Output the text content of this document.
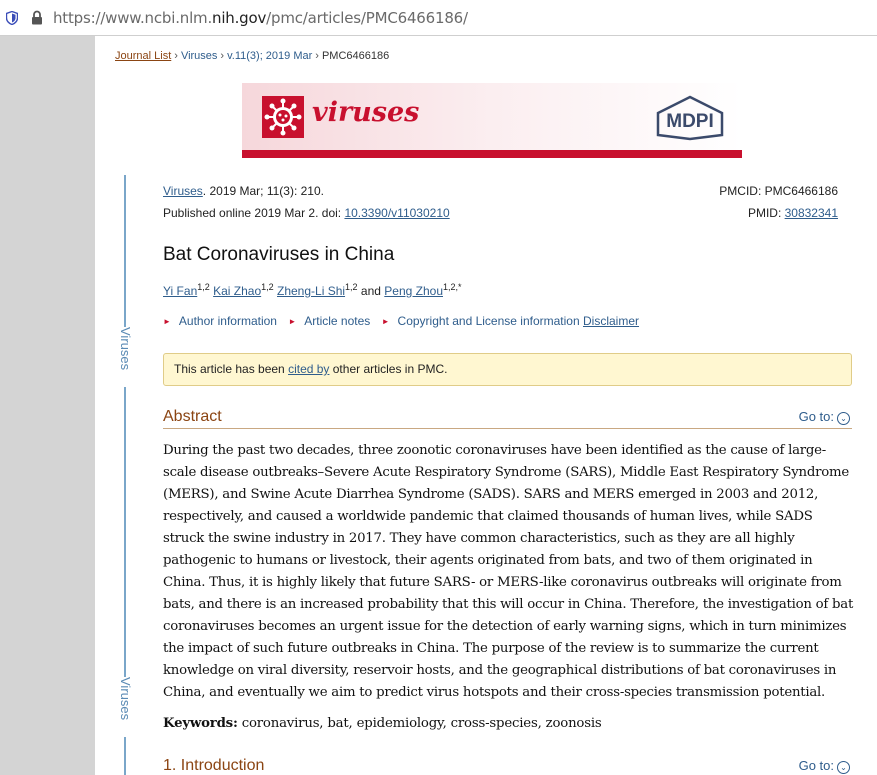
https://www.ncbi.nlm.nih.gov/pmc/articles/PMC6466186/
Journal List › Viruses › v.11(3); 2019 Mar › PMC6466186
viruses	MDPI
Viruses
Viruses
Viruses. 2019 Mar; 11(3): 210.
Published online 2019 Mar 2. doi: 10.3390/v11030210
PMCID: PMC6466186
PMID: 30832341
Bat Coronaviruses in China
Yi Fan$^{1,2}$ Kai Zhao$^{1,2}$ Zheng-Li Shi$^{1,2}$ and Peng Zhou$^{1,2,*}$
► Author information ► Article notes ► Copyright and License information Disclaimer
This article has been cited by other articles in PMC.
Abstract	Go to: ⌄
During the past two decades, three zoonotic coronaviruses have been identified as the cause of large-scale disease outbreaks–Severe Acute Respiratory Syndrome (SARS), Middle East Respiratory Syndrome (MERS), and Swine Acute Diarrhea Syndrome (SADS). SARS and MERS emerged in 2003 and 2012, respectively, and caused a worldwide pandemic that claimed thousands of human lives, while SADS struck the swine industry in 2017. They have common characteristics, such as they are all highly pathogenic to humans or livestock, their agents originated from bats, and two of them originated in China. Thus, it is highly likely that future SARS- or MERS-like coronavirus outbreaks will originate from bats, and there is an increased probability that this will occur in China. Therefore, the investigation of bat coronaviruses becomes an urgent issue for the detection of early warning signs, which in turn minimizes the impact of such future outbreaks in China. The purpose of the review is to summarize the current knowledge on viral diversity, reservoir hosts, and the geographical distributions of bat coronaviruses in China, and eventually we aim to predict virus hotspots and their cross-species transmission potential.
Keywords: coronavirus, bat, epidemiology, cross-species, zoonosis
1. Introduction	Go to: ⌄
